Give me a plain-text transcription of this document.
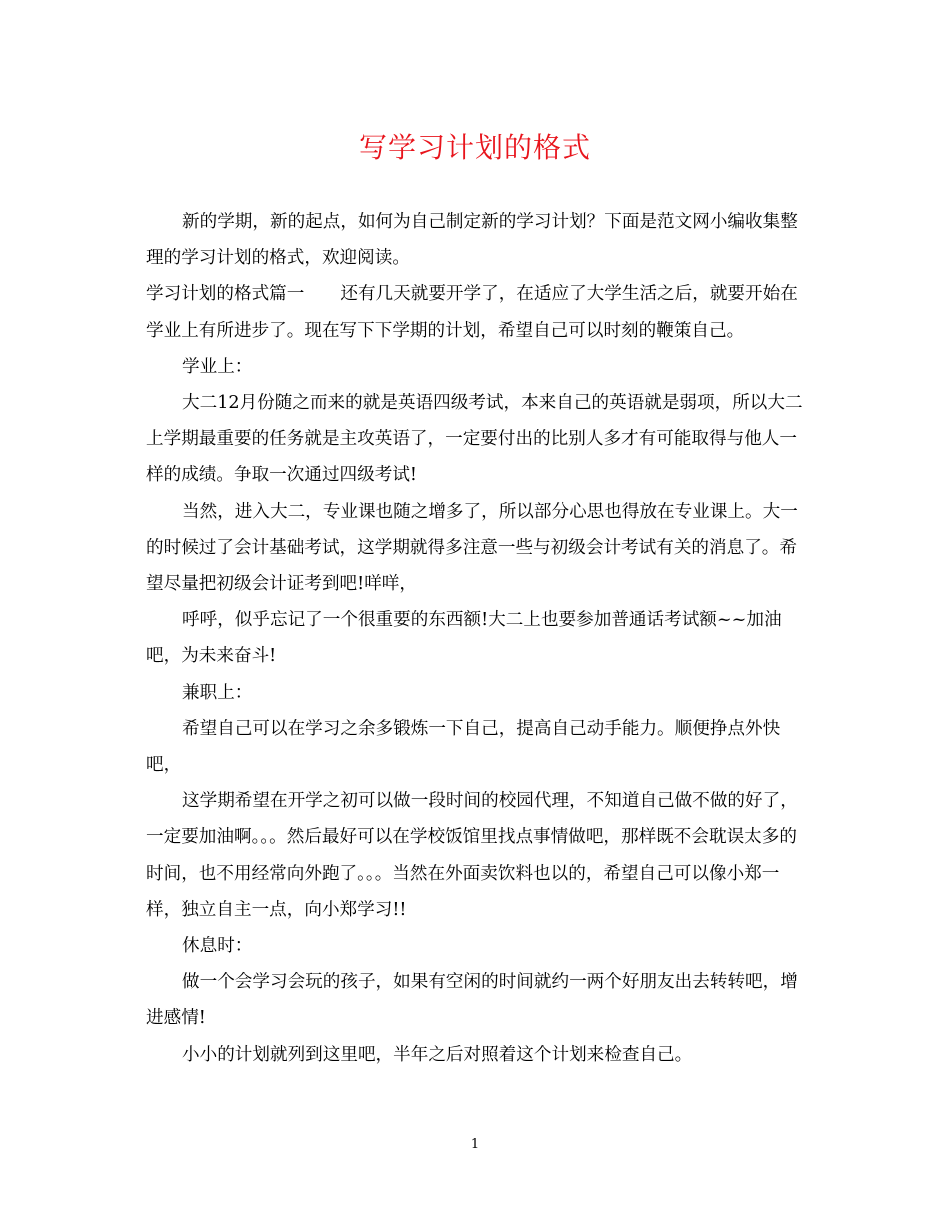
写学习计划的格式

新的学期，新的起点，如何为自己制定新的学习计划？下面是范文网小编收集整理的学习计划的格式，欢迎阅读。

学习计划的格式篇一 还有几天就要开学了，在适应了大学生活之后，就要开始在学业上有所进步了。现在写下下学期的计划，希望自己可以时刻的鞭策自己。

学业上：

大二12月份随之而来的就是英语四级考试，本来自己的英语就是弱项，所以大二上学期最重要的任务就是主攻英语了，一定要付出的比别人多才有可能取得与他人一样的成绩。争取一次通过四级考试!

当然，进入大二，专业课也随之增多了，所以部分心思也得放在专业课上。大一的时候过了会计基础考试，这学期就得多注意一些与初级会计考试有关的消息了。希望尽量把初级会计证考到吧!咩咩，

呼呼，似乎忘记了一个很重要的东西额!大二上也要参加普通话考试额~~加油吧，为未来奋斗!

兼职上：

希望自己可以在学习之余多锻炼一下自己，提高自己动手能力。顺便挣点外快吧，

这学期希望在开学之初可以做一段时间的校园代理，不知道自己做不做的好了，一定要加油啊。。。然后最好可以在学校饭馆里找点事情做吧，那样既不会耽误太多的时间，也不用经常向外跑了。。。当然在外面卖饮料也以的，希望自己可以像小郑一样，独立自主一点，向小郑学习!!

休息时：

做一个会学习会玩的孩子，如果有空闲的时间就约一两个好朋友出去转转吧，增进感情!

小小的计划就列到这里吧，半年之后对照着这个计划来检查自己。

1
